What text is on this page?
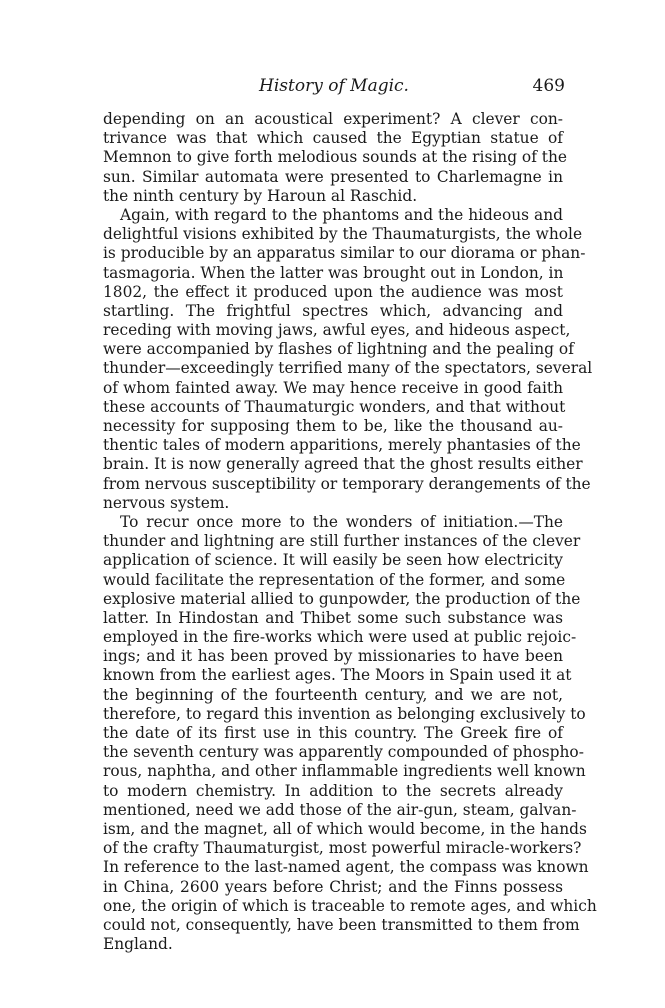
History of Magic.	469
depending on an acoustical experiment? A clever con-
trivance was that which caused the Egyptian statue of
Memnon to give forth melodious sounds at the rising of the
sun. Similar automata were presented to Charlemagne in
the ninth century by Haroun al Raschid.
Again, with regard to the phantoms and the hideous and
delightful visions exhibited by the Thaumaturgists, the whole
is producible by an apparatus similar to our diorama or phan-
tasmagoria. When the latter was brought out in London, in
1802, the effect it produced upon the audience was most
startling. The frightful spectres which, advancing and
receding with moving jaws, awful eyes, and hideous aspect,
were accompanied by flashes of lightning and the pealing of
thunder—exceedingly terrified many of the spectators, several
of whom fainted away. We may hence receive in good faith
these accounts of Thaumaturgic wonders, and that without
necessity for supposing them to be, like the thousand au-
thentic tales of modern apparitions, merely phantasies of the
brain. It is now generally agreed that the ghost results either
from nervous susceptibility or temporary derangements of the
nervous system.
To recur once more to the wonders of initiation.—The
thunder and lightning are still further instances of the clever
application of science. It will easily be seen how electricity
would facilitate the representation of the former, and some
explosive material allied to gunpowder, the production of the
latter. In Hindostan and Thibet some such substance was
employed in the fire-works which were used at public rejoic-
ings; and it has been proved by missionaries to have been
known from the earliest ages. The Moors in Spain used it at
the beginning of the fourteenth century, and we are not,
therefore, to regard this invention as belonging exclusively to
the date of its first use in this country. The Greek fire of
the seventh century was apparently compounded of phospho-
rous, naphtha, and other inflammable ingredients well known
to modern chemistry. In addition to the secrets already
mentioned, need we add those of the air-gun, steam, galvan-
ism, and the magnet, all of which would become, in the hands
of the crafty Thaumaturgist, most powerful miracle-workers?
In reference to the last-named agent, the compass was known
in China, 2600 years before Christ; and the Finns possess
one, the origin of which is traceable to remote ages, and which
could not, consequently, have been transmitted to them from
England.
